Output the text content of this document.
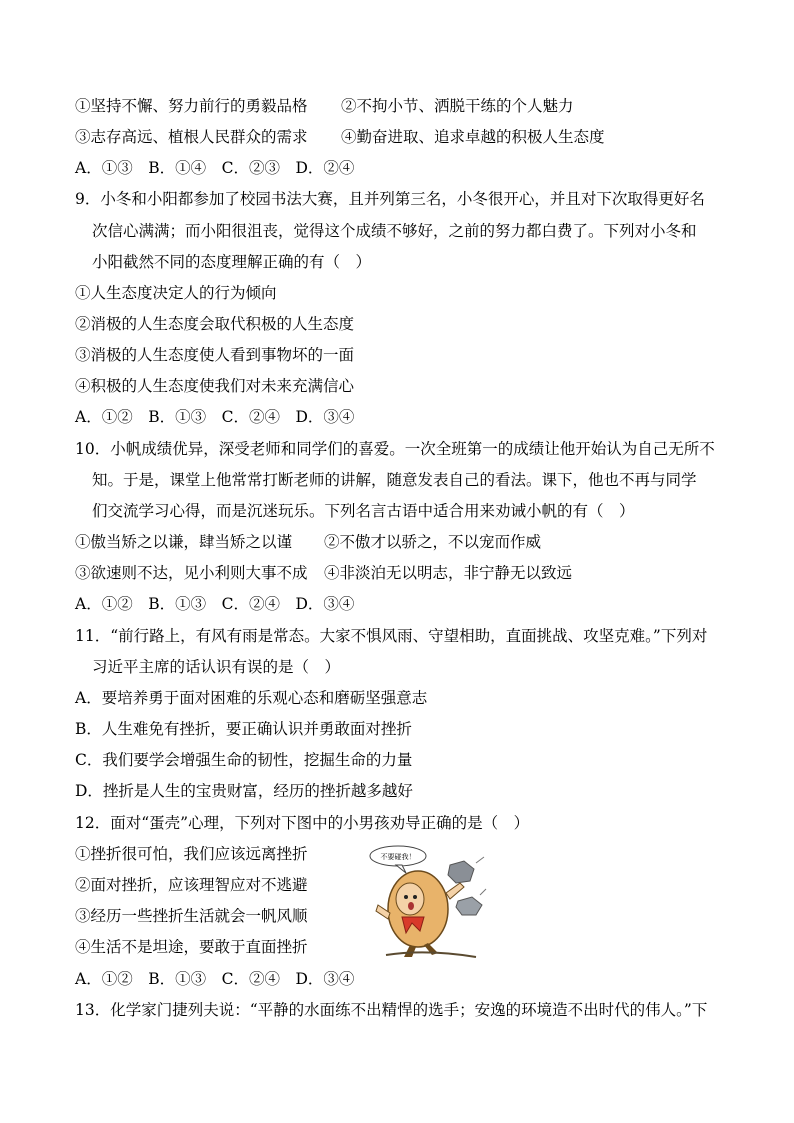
①坚持不懈、努力前行的勇毅品格 ②不拘小节、洒脱干练的个人魅力
③志存高远、植根人民群众的需求 ④勤奋进取、追求卓越的积极人生态度
A．①③　B．①④　C．②③　D．②④
9．小冬和小阳都参加了校园书法大赛，且并列第三名，小冬很开心，并且对下次取得更好名
次信心满满；而小阳很沮丧，觉得这个成绩不够好，之前的努力都白费了。下列对小冬和
小阳截然不同的态度理解正确的有（　）
①人生态度决定人的行为倾向
②消极的人生态度会取代积极的人生态度
③消极的人生态度使人看到事物坏的一面
④积极的人生态度使我们对未来充满信心
A．①②　B．①③　C．②④　D．③④
10．小帆成绩优异，深受老师和同学们的喜爱。一次全班第一的成绩让他开始认为自己无所不
知。于是，课堂上他常常打断老师的讲解，随意发表自己的看法。课下，他也不再与同学
们交流学习心得，而是沉迷玩乐。下列名言古语中适合用来劝诫小帆的有（　）
①傲当矫之以谦，肆当矫之以谨 ②不傲才以骄之，不以宠而作威
③欲速则不达，见小利则大事不成 ④非淡泊无以明志，非宁静无以致远
A．①②　B．①③　C．②④　D．③④
11．“前行路上，有风有雨是常态。大家不惧风雨、守望相助，直面挑战、攻坚克难。”下列对
习近平主席的话认识有误的是（　）
A．要培养勇于面对困难的乐观心态和磨砺坚强意志
B．人生难免有挫折，要正确认识并勇敢面对挫折
C．我们要学会增强生命的韧性，挖掘生命的力量
D．挫折是人生的宝贵财富，经历的挫折越多越好
12．面对“蛋壳”心理，下列对下图中的小男孩劝导正确的是（　）
①挫折很可怕，我们应该远离挫折
②面对挫折，应该理智应对不逃避
③经历一些挫折生活就会一帆风顺
④生活不是坦途，要敢于直面挫折
A．①②　B．①③　C．②④　D．③④
不要碰我！
13．化学家门捷列夫说：“平静的水面练不出精悍的选手；安逸的环境造不出时代的伟人。”下
